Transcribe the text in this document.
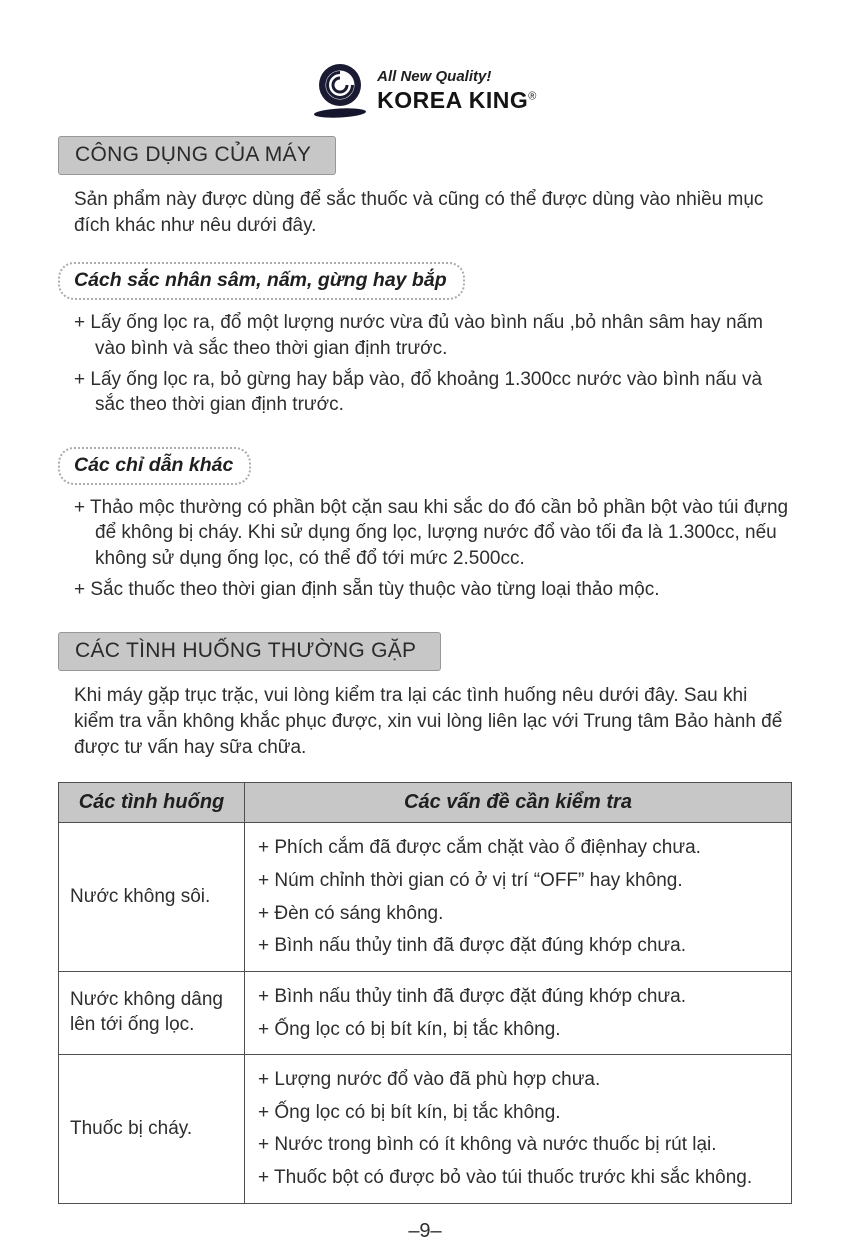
All New Quality!
KOREA KING®
CÔNG DỤNG CỦA MÁY

Sản phẩm này được dùng để sắc thuốc và cũng có thể được dùng vào nhiều mục đích khác như nêu dưới đây.

Cách sắc nhân sâm, nấm, gừng hay bắp
+ Lấy ống lọc ra, đổ một lượng nước vừa đủ vào bình nấu ,bỏ nhân sâm hay nấm vào bình và sắc theo thời gian định trước.
+ Lấy ống lọc ra, bỏ gừng hay bắp vào, đổ khoảng 1.300cc nước vào bình nấu và sắc theo thời gian định trước.
Các chỉ dẫn khác
+ Thảo mộc thường có phần bột cặn sau khi sắc do đó cần bỏ phần bột vào túi đựng để không bị cháy. Khi sử dụng ống lọc, lượng nước đổ vào tối đa là 1.300cc, nếu không sử dụng ống lọc, có thể đổ tới mức 2.500cc.
+ Sắc thuốc theo thời gian định sẵn tùy thuộc vào từng loại thảo mộc.
CÁC TÌNH HUỐNG THƯỜNG GẶP

Khi máy gặp trục trặc, vui lòng kiểm tra lại các tình huống nêu dưới đây. Sau khi kiểm tra vẫn không khắc phục được, xin vui lòng liên lạc với Trung tâm Bảo hành để được tư vấn hay sữa chữa.

Các tình huống	Các vấn đề cần kiểm tra
Nước không sôi.	+ Phích cắm đã được cắm chặt vào ổ điệnhay chưa.
+ Núm chỉnh thời gian có ở vị trí “OFF” hay không.
+ Đèn có sáng không.
+ Bình nấu thủy tinh đã được đặt đúng khớp chưa.

Nước không dâng lên tới ống lọc.	+ Bình nấu thủy tinh đã được đặt đúng khớp chưa.
+ Ống lọc có bị bít kín, bị tắc không.

Thuốc bị cháy.	+ Lượng nước đổ vào đã phù hợp chưa.
+ Ống lọc có bị bít kín, bị tắc không.
+ Nước trong bình có ít không và nước thuốc bị rút lại.
+ Thuốc bột có được bỏ vào túi thuốc trước khi sắc không.
–9–
